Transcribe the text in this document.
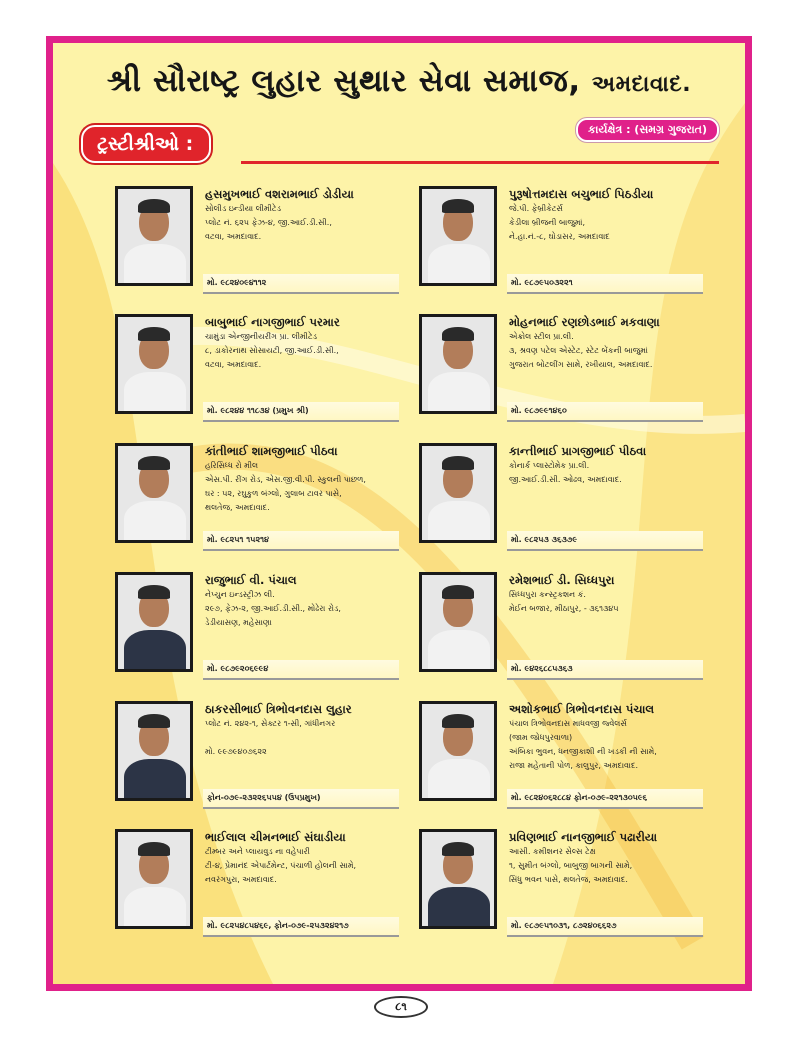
શ્રી સૌરાષ્ટ્ર લુહાર સુથાર સેવા સમાજ, અમદાવાદ.
કાર્યક્ષેત્ર : (સમગ્ર ગુજરાત)
ટ્રસ્ટીશ્રીઓ :
હસમુખભાઈ વશરામભાઈ ડોડીયા
સોલીડ ઇન્ડીયા લીમીટેડ
પ્લોટ નં. ૬૨૫ ફેઝ-૪, જી.આઈ.ડી.સી.,
વટવા, અમદાવાદ.
મો. ૯૮૨૪૦૯૪૧૧૨
પુરૂષોત્તમદાસ બચુભાઈ પિઠડીયા
જે.પી. ફેબ્રીકેટર્સ
કેડીલા બ્રીજની બાજુમાં,
ને.હા.નં.-૮, ઘોડાસર, અમદાવાદ
મો. ૯૮૭૯૫૦૩૨૨૧
બાબુભાઈ નાગજીભાઈ પરમાર
ચામુંડા એન્જીનીયરીંગ પ્રા. લીમીટેડ
૮, ડાકોરનાથ સોસાયટી, જી.આઈ.ડી.સી.,
વટવા, અમદાવાદ.
મો. ૯૮૨૪૪ ૧૧૮૩૪ (પ્રમુખ શ્રી)
મોહનભાઈ રણછોડભાઈ મકવાણા
એક્રોલ સ્ટીલ પ્રા.લી.
૩, શ્રવણ પટેલ એસ્ટેટ, સ્ટેટ બેંકની બાજુમાં
ગુજરાત બોટલીંગ સામે, રખીયાલ, અમદાવાદ.
મો. ૯૮૭૯૯૧૪૬૦
કાંતીભાઈ શામજીભાઈ પીઠવા
હરિસિધ્ધ રો મીલ
એસ.પી. રીંગ રોડ, એસ.જી.વી.પી. સ્કુલની પાછળ,
ઘર : ૫૨, રઘુકુળ બંગ્લો, ગુલાબ ટાવર પાસે,
થલતેજ, અમદાવાદ.
મો. ૯૮૨૫૧ ૧૫૨૧૪
કાન્તીભાઈ પ્રાગજીભાઈ પીઠવા
કોનાર્ક પ્લાસ્ટોમેક પ્રા.લી.
જી.આઈ.ડી.સી. ઓઢવ, અમદાવાદ.
મો. ૯૮૨૫૩ ૩૬૩૭૯
રાજુભાઈ વી. પંચાલ
નેપ્ચુન ઇન્ડસ્ટ્રીઝ લી.
૨૯૭, ફેઝ-૨, જી.આઈ.ડી.સી., મોઢેરા રોડ,
ડેડીયાસણ, મહેસાણા
મો. ૯૮૭૯૨૦૬૯૯૪
રમેશભાઈ ડી. સિધ્ધપુરા
સિધ્ધપુરા કન્સ્ટ્રકશન કં.
મેઈન બજાર, મીઠાપુર, - ૩૬૧૩૪૫
મો. ૯૪૨૬૮૮૫૩૬૩
ઠાકરસીભાઈ ત્રિભોવનદાસ લુહાર
પ્લોટ નં. ૨૪૨-૧, સેક્ટર ૧-સી, ગાંધીનગર
મો. ૯૯૭૯૪૦૭૬૨૨
ફોન-૦૭૯-૨૩૨૨૬૫૫૪ (ઉપપ્રમુખ)
અશોકભાઈ ત્રિભોવનદાસ પંચાલ
પંચાલ ત્રિભોવનદાસ માધવજી જ્વેલર્સ
(જામ જોધપુરવાળા)
અંબિકા ભુવન, ધનજીકાશી ની ખડકી ની સામે,
રાજા મહેતાની પોળ, કાલુપુર, અમદાવાદ.
મો. ૯૮૨૪૦૬૨૮૮૪ ફોન-૦૭૯-૨૨૧૩૦૫૯૬
ભાઈલાલ ચીમનભાઈ સંઘાડીયા
ટીમ્બર અને પ્લાયવુડ ના વહેપારી
ટી-૪, પ્રેમાનંદ એપાર્ટમેન્ટ, પંચાળી હોલની સામે,
નવરંગપુરા, અમદાવાદ.
મો. ૯૮૨૫૪૮૫૪૬૯, ફોન-૦૭૯-૨૫૩૨૪૨૧૭
પ્રવિણભાઈ નાનજીભાઈ પઢારીયા
આસી. કમીશનર સેલ્સ ટેક્ષ
૧, સુમીત બંગ્લો, બાબુજી બાગની સામે,
સિંધુ ભવન પાસે, થલતેજ, અમદાવાદ.
મો. ૯૮૭૯૫૧૦૩૧, ૮૭૨૪૦૬૬૨૭
૮૧
